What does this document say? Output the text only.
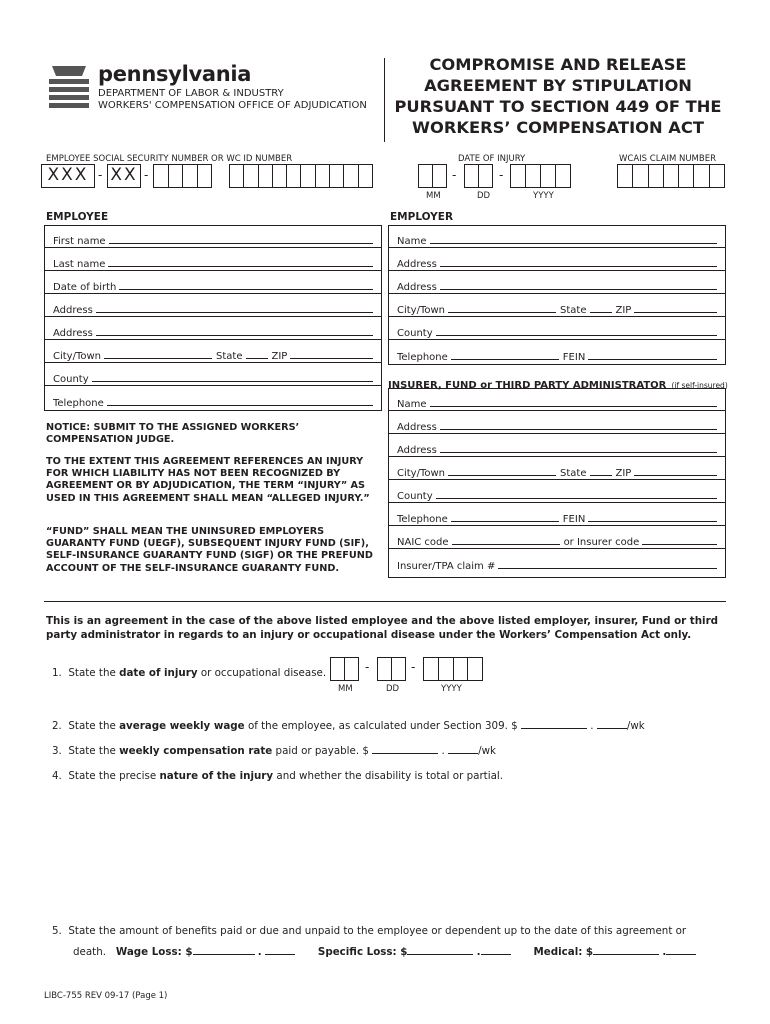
pennsylvania
DEPARTMENT OF LABOR & INDUSTRY
WORKERS' COMPENSATION OFFICE OF ADJUDICATION
COMPROMISE AND RELEASE
AGREEMENT BY STIPULATION
PURSUANT TO SECTION 449 OF THE
WORKERS’ COMPENSATION ACT
EMPLOYEE SOCIAL SECURITY NUMBER OR WC ID NUMBER	DATE OF INJURY	WCAIS CLAIM NUMBER
XXX - XX -	-	-
MM	DD	YYYY
EMPLOYEE
First name
Last name
Date of birth
Address
Address
City/Town	State	ZIP
County
Telephone
EMPLOYER
Name
Address
Address
City/Town	State	ZIP
County
Telephone	FEIN
INSURER, FUND or THIRD PARTY ADMINISTRATOR (if self-insured)
Name
Address
Address
City/Town	State	ZIP
County
Telephone	FEIN
NAIC code	or Insurer code
Insurer/TPA claim #
NOTICE: SUBMIT TO THE ASSIGNED WORKERS’ COMPENSATION JUDGE.
TO THE EXTENT THIS AGREEMENT REFERENCES AN INJURY FOR WHICH LIABILITY HAS NOT BEEN RECOGNIZED BY AGREEMENT OR BY ADJUDICATION, THE TERM “INJURY” AS USED IN THIS AGREEMENT SHALL MEAN “ALLEGED INJURY.”
“FUND” SHALL MEAN THE UNINSURED EMPLOYERS GUARANTY FUND (UEGF), SUBSEQUENT INJURY FUND (SIF), SELF-INSURANCE GUARANTY FUND (SIGF) OR THE PREFUND ACCOUNT OF THE SELF-INSURANCE GUARANTY FUND.
This is an agreement in the case of the above listed employee and the above listed employer, insurer, Fund or third party administrator in regards to an injury or occupational disease under the Workers’ Compensation Act only.
1. State the date of injury or occupational disease.	-	-
MM	DD	YYYY
2. State the average weekly wage of the employee, as calculated under Section 309. $	.	/wk
3. State the weekly compensation rate paid or payable. $	.	/wk
4. State the precise nature of the injury and whether the disability is total or partial.
5. State the amount of benefits paid or due and unpaid to the employee or dependent up to the date of this agreement or
death. Wage Loss: $	.	Specific Loss: $	.	Medical: $	.
LIBC-755 REV 09-17 (Page 1)
